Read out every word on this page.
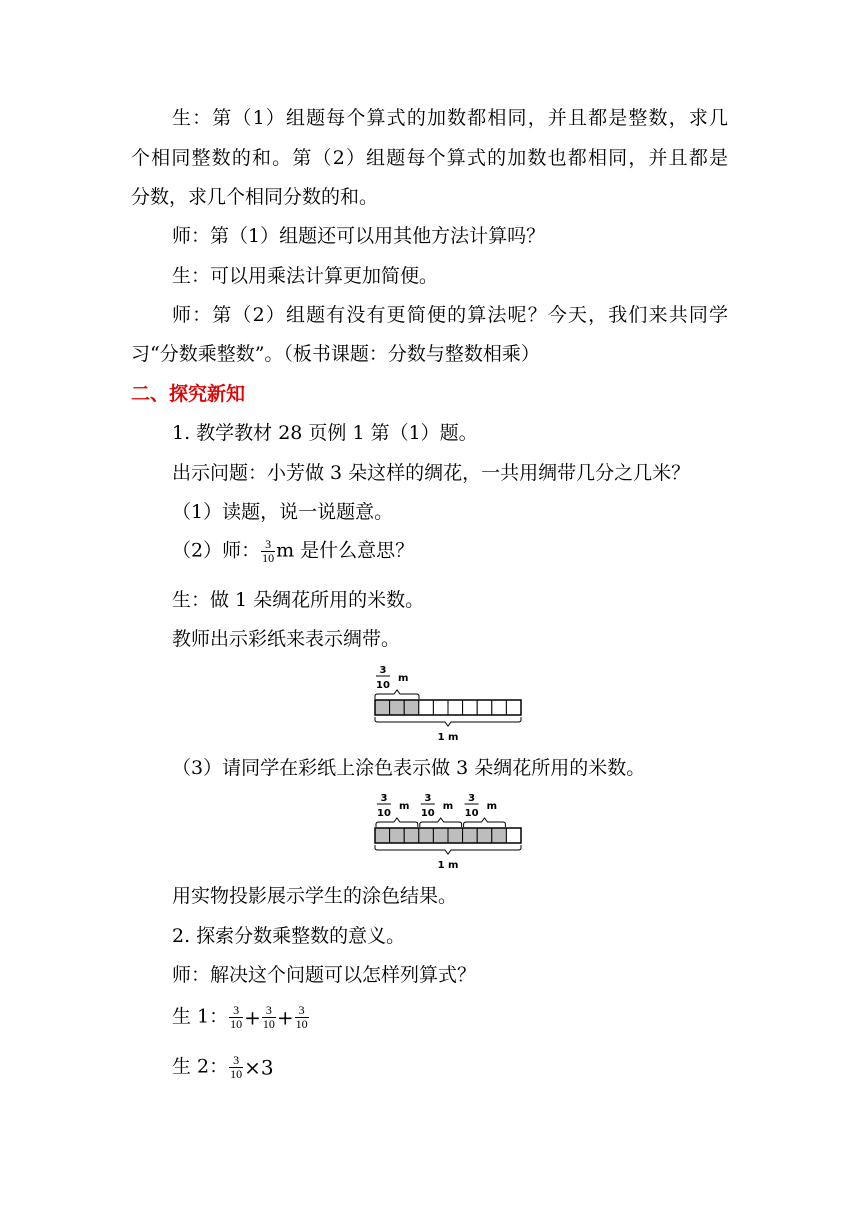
生：第（1）组题每个算式的加数都相同，并且都是整数，求几
个相同整数的和。第（2）组题每个算式的加数也都相同，并且都是
分数，求几个相同分数的和。
师：第（1）组题还可以用其他方法计算吗？
生：可以用乘法计算更加简便。
师：第（2）组题有没有更简便的算法呢？今天，我们来共同学
习“分数乘整数”。（板书课题：分数与整数相乘）
二、探究新知
1. 教学教材 28 页例 1 第（1）题。
出示问题：小芳做 3 朵这样的绸花，一共用绸带几分之几米？
（1）读题，说一说题意。
（2）师： $\frac{3}{10}$ m 是什么意思？
生：做 1 朵绸花所用的米数。
教师出示彩纸来表示绸带。
3
10
m
1 m
（3）请同学在彩纸上涂色表示做 3 朵绸花所用的米数。
3
10
m
3
10
m
3
10
m
1 m
用实物投影展示学生的涂色结果。
2. 探索分数乘整数的意义。
师：解决这个问题可以怎样列算式？
生 1： $\frac{3}{10} + \frac{3}{10} + \frac{3}{10}$
生 2： $\frac{3}{10} \times 3$
